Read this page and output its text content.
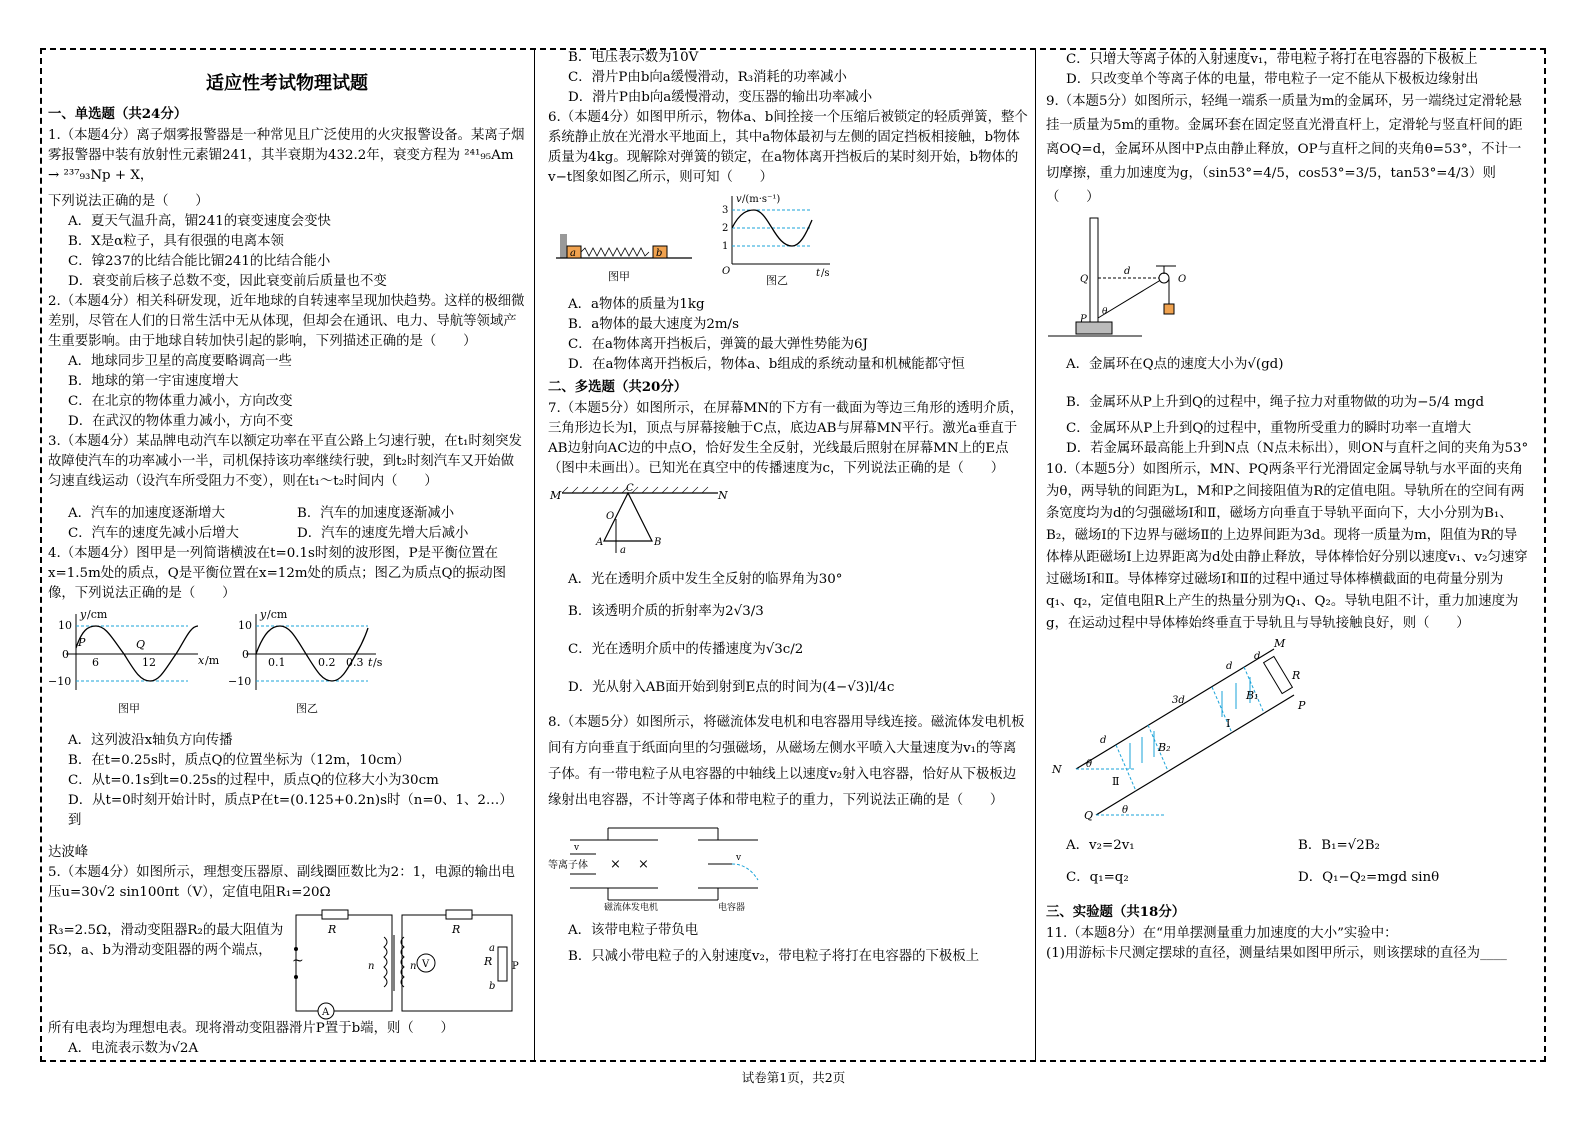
适应性考试物理试题
一、单选题（共24分）

1.（本题4分）离子烟雾报警器是一种常见且广泛使用的火灾报警设备。某离子烟雾报警器中装有放射性元素镅241，其半衰期为432.2年，衰变方程为 ²⁴¹₉₅Am → ²³⁷₉₃Np + X，

下列说法正确的是（　　）

A．夏天气温升高，镅241的衰变速度会变快
B．X是α粒子，具有很强的电离本领
C．镎237的比结合能比镅241的比结合能小
D．衰变前后核子总数不变，因此衰变前后质量也不变

2.（本题4分）相关科研发现，近年地球的自转速率呈现加快趋势。这样的极细微差别，尽管在人们的日常生活中无从体现，但却会在通讯、电力、导航等领域产生重要影响。由于地球自转加快引起的影响，下列描述正确的是（　　）

A．地球同步卫星的高度要略调高一些
B．地球的第一宇宙速度增大
C．在北京的物体重力减小，方向改变
D．在武汉的物体重力减小，方向不变

3.（本题4分）某品牌电动汽车以额定功率在平直公路上匀速行驶，在t₁时刻突发故障使汽车的功率减小一半，司机保持该功率继续行驶，到t₂时刻汽车又开始做匀速直线运动（设汽车所受阻力不变），则在t₁～t₂时间内（　　）

A．汽车的加速度逐渐增大	B．汽车的加速度逐渐减小
C．汽车的速度先减小后增大	D．汽车的速度先增大后减小

4.（本题4分）图甲是一列简谐横波在t=0.1s时刻的波形图，P是平衡位置在x=1.5m处的质点，Q是平衡位置在x=12m处的质点；图乙为质点Q的振动图像，下列说法正确的是（　　）

10
0
−10
y /cm
6	12	x /m
P	Q
图甲
10
0
−10
y /cm
0.1	0.2 0.3 t /s
图乙
A．这列波沿x轴负方向传播
B．在t=0.25s时，质点Q的位置坐标为（12m，10cm）
C．从t=0.1s到t=0.25s的过程中，质点Q的位移大小为30cm
D．从t=0时刻开始计时，质点P在t=(0.125+0.2n)s时（n=0、1、2…）到
达波峰

5.（本题4分）如图所示，理想变压器原、副线圈匝数比为2：1，电源的输出电压u=30√2 sin100πt（V），定值电阻R₁=20Ω

R₃=2.5Ω，滑动变阻器R₂的最大阻值为5Ω，a、b为滑动变阻器的两个端点，
R
~
A
n	n V
R
R
a
b
P

所有电表均为理想电表。现将滑动变阻器滑片P置于b端，则（　　）

A．电流表示数为√2A
B．电压表示数为10V
C．滑片P由b向a缓慢滑动，R₃消耗的功率减小
D．滑片P由b向a缓慢滑动，变压器的输出功率减小

6.（本题4分）如图甲所示，物体a、b间拴接一个压缩后被锁定的轻质弹簧，整个系统静止放在光滑水平地面上，其中a物体最初与左侧的固定挡板相接触，b物体质量为4kg。现解除对弹簧的锁定，在a物体离开挡板后的某时刻开始，b物体的v−t图象如图乙所示，则可知（　　）

a	b
图甲
3
2
1
O
v /(m·s⁻¹)
t /s
图乙
A．a物体的质量为1kg
B．a物体的最大速度为2m/s
C．在a物体离开挡板后，弹簧的最大弹性势能为6J
D．在a物体离开挡板后，物体a、b组成的系统动量和机械能都守恒
二、多选题（共20分）

7.（本题5分）如图所示，在屏幕MN的下方有一截面为等边三角形的透明介质，三角形边长为l，顶点与屏幕接触于C点，底边AB与屏幕MN平行。激光a垂直于AB边射向AC边的中点O，恰好发生全反射，光线最后照射在屏幕MN上的E点（图中未画出）。已知光在真空中的传播速度为c，下列说法正确的是（　　）

M	N
C
O
A	B
a
A．光在透明介质中发生全反射的临界角为30°
B．该透明介质的折射率为2√3/3
C．光在透明介质中的传播速度为√3c/2
D．光从射入AB面开始到射到E点的时间为(4−√3)l/4c

8.（本题5分）如图所示，将磁流体发电机和电容器用导线连接。磁流体发电机板间有方向垂直于纸面向里的匀强磁场，从磁场左侧水平喷入大量速度为v₁的等离子体。有一带电粒子从电容器的中轴线上以速度v₂射入电容器，恰好从下极板边缘射出电容器，不计等离子体和带电粒子的重力，下列说法正确的是（　　）

× ×
v
v
等离子体
磁流体发电机	电容器
A．该带电粒子带负电
B．只减小带电粒子的入射速度v₂，带电粒子将打在电容器的下极板上
C．只增大等离子体的入射速度v₁，带电粒子将打在电容器的下极板上
D．只改变单个等离子体的电量，带电粒子一定不能从下极板边缘射出

9.（本题5分）如图所示，轻绳一端系一质量为m的金属环，另一端绕过定滑轮悬挂一质量为5m的重物。金属环套在固定竖直光滑直杆上，定滑轮与竖直杆间的距离OQ=d，金属环从图中P点由静止释放，OP与直杆之间的夹角θ=53°，不计一切摩擦，重力加速度为g，（sin53°=4/5，cos53°=3/5，tan53°=4/3）则（　　）

Q
P
O
d
θ
A．金属环在Q点的速度大小为√(gd)
B．金属环从P上升到Q的过程中，绳子拉力对重物做的功为−5/4 mgd
C．金属环从P上升到Q的过程中，重物所受重力的瞬时功率一直增大
D．若金属环最高能上升到N点（N点未标出），则ON与直杆之间的夹角为53°

10.（本题5分）如图所示，MN、PQ两条平行光滑固定金属导轨与水平面的夹角为θ，两导轨的间距为L，M和P之间接阻值为R的定值电阻。导轨所在的空间有两条宽度均为d的匀强磁场Ⅰ和Ⅱ，磁场方向垂直于导轨平面向下，大小分别为B₁、B₂，磁场Ⅰ的下边界与磁场Ⅱ的上边界间距为3d。现将一质量为m，阻值为R的导体棒从距磁场Ⅰ上边界距离为d处由静止释放，导体棒恰好分别以速度v₁、v₂匀速穿过磁场Ⅰ和Ⅱ。导体棒穿过磁场Ⅰ和Ⅱ的过程中通过导体棒横截面的电荷量分别为q₁、q₂，定值电阻R上产生的热量分别为Q₁、Q₂。导轨电阻不计，重力加速度为g，在运动过程中导体棒始终垂直于导轨且与导轨接触良好，则（　　）

N
Q
M
P
R
B₁
B₂
Ⅰ
Ⅱ
3d
d
d
d
θ
θ
A．v₂=2v₁	B．B₁=√2B₂
C．q₁=q₂	D．Q₁−Q₂=mgd sinθ
三、实验题（共18分）

11.（本题8分）在“用单摆测量重力加速度的大小”实验中：

(1)用游标卡尺测定摆球的直径，测量结果如图甲所示，则该摆球的直径为____

试卷第1页，共2页
